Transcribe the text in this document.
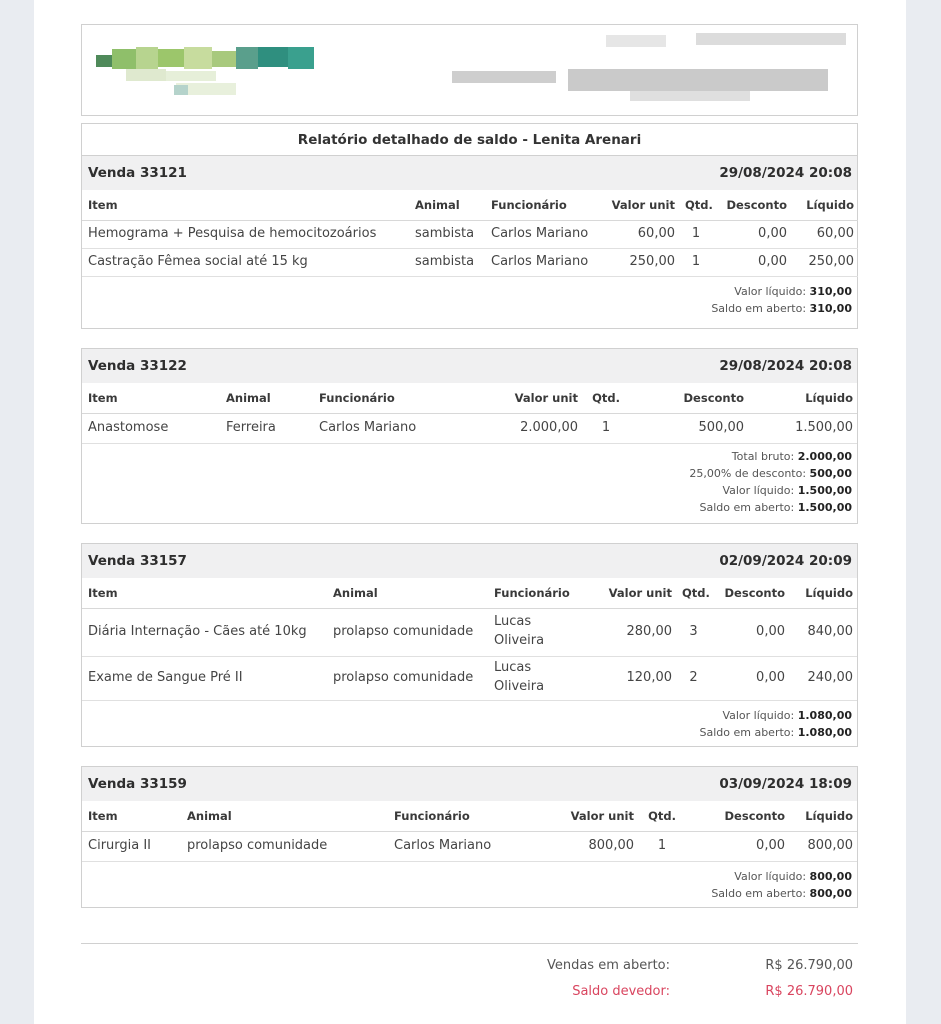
Relatório detalhado de saldo - Lenita Arenari
Venda 33121	29/08/2024 20:08
Item	Animal	Funcionário	Valor unit	Qtd.	Desconto	Líquido
Hemograma + Pesquisa de hemocitozoários	sambista	Carlos Mariano	60,00	1	0,00	60,00
Castração Fêmea social até 15 kg	sambista	Carlos Mariano	250,00	1	0,00	250,00
Valor líquido: 310,00
Saldo em aberto: 310,00
Venda 33122	29/08/2024 20:08
Item	Animal	Funcionário	Valor unit	Qtd.	Desconto	Líquido
Anastomose	Ferreira	Carlos Mariano	2.000,00	1	500,00	1.500,00
Total bruto: 2.000,00
25,00% de desconto: 500,00
Valor líquido: 1.500,00
Saldo em aberto: 1.500,00
Venda 33157	02/09/2024 20:09
Item	Animal	Funcionário	Valor unit	Qtd.	Desconto	Líquido
Diária Internação - Cães até 10kg	prolapso comunidade	Lucas Oliveira	280,00	3	0,00	840,00
Exame de Sangue Pré II	prolapso comunidade	Lucas Oliveira	120,00	2	0,00	240,00
Valor líquido: 1.080,00
Saldo em aberto: 1.080,00
Venda 33159	03/09/2024 18:09
Item	Animal	Funcionário	Valor unit	Qtd.	Desconto	Líquido
Cirurgia II	prolapso comunidade	Carlos Mariano	800,00	1	0,00	800,00
Valor líquido: 800,00
Saldo em aberto: 800,00
Vendas em aberto:	R$ 26.790,00
Saldo devedor:	R$ 26.790,00
